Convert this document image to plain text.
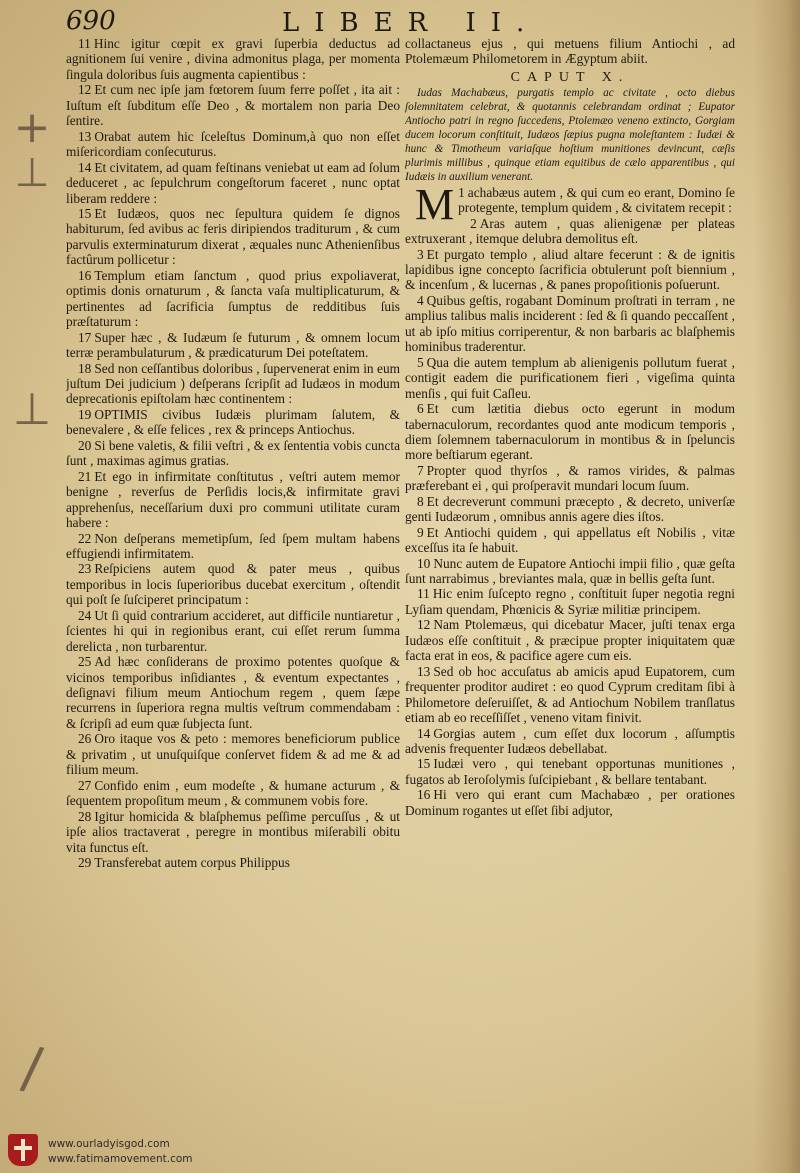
690	LIBER II.
+
⊥
⊥
/

11 Hinc igitur cœpit ex gravi ſuperbia deductus ad agnitionem ſui venire , divina admonitus plaga, per momenta ſingula doloribus ſuis augmenta capientibus :

12 Et cum nec ipſe jam fœtorem ſuum ferre poſſet , ita ait : Iuſtum eſt ſubditum eſſe Deo , & mortalem non paria Deo ſentire.

13 Orabat autem hic ſceleſtus Dominum,à quo non eſſet miſericordiam conſecuturus.

14 Et civitatem, ad quam feſtinans veniebat ut eam ad ſolum deduceret , ac ſepulchrum congeſtorum faceret , nunc optat liberam reddere :

15 Et Iudæos, quos nec ſepultura quidem ſe dignos habiturum, ſed avibus ac feris diripiendos traditurum , & cum parvulis exterminaturum dixerat , æquales nunc Athenienſibus factûrum pollicetur :

16 Templum etiam ſanctum , quod prius expoliaverat, optimis donis ornaturum , & ſancta vaſa multiplicaturum, & pertinentes ad ſacrificia ſumptus de redditibus ſuis præſtaturum :

17 Super hæc , & Iudæum ſe futurum , & omnem locum terræ perambulaturum , & prædicaturum Dei poteſtatem.

18 Sed non ceſſantibus doloribus , ſupervenerat enim in eum juſtum Dei judicium ) deſperans ſcripſit ad Iudæos in modum deprecationis epiſtolam hæc continentem :

19 OPTIMIS civibus Iudæis plurimam ſalutem, & benevalere , & eſſe felices , rex & princeps Antiochus.

20 Si bene valetis, & filii veſtri , & ex ſententia vobis cuncta ſunt , maximas agimus gratias.

21 Et ego in infirmitate conſtitutus , veſtri autem memor benigne , reverſus de Perſidis locis,& infirmitate gravi apprehenſus, neceſſarium duxi pro communi utilitate curam habere :

22 Non deſperans memetipſum, ſed ſpem multam habens effugiendi infirmitatem.

23 Reſpiciens autem quod & pater meus , quibus temporibus in locis ſuperioribus ducebat exercitum , oſtendit qui poſt ſe ſuſciperet principatum :

24 Ut ſi quid contrarium accideret, aut difficile nuntiaretur , ſcientes hi qui in regionibus erant, cui eſſet rerum ſumma derelicta , non turbarentur.

25 Ad hæc conſiderans de proximo potentes quoſque & vicinos temporibus inſidiantes , & eventum expectantes , deſignavi filium meum Antiochum regem , quem ſæpe recurrens in ſuperiora regna multis veſtrum commendabam : & ſcripſi ad eum quæ ſubjecta ſunt.

26 Oro itaque vos & peto : memores beneficiorum publice & privatim , ut unuſquiſque conſervet fidem & ad me & ad filium meum.

27 Confido enim , eum modeſte , & humane acturum , & ſequentem propoſitum meum , & communem vobis fore.

28 Igitur homicida & blaſphemus peſſime percuſſus , & ut ipſe alios tractaverat , peregre in montibus miſerabili obitu vita functus eſt.

29 Transferebat autem corpus Philippus

collactaneus ejus , qui metuens filium Antiochi , ad Ptolemæum Philometorem in Ægyptum abiit.

CAPUT X.

Iudas Machabæus, purgatis templo ac civitate , octo diebus ſolemnitatem celebrat, & quotannis celebrandam ordinat ; Eupator Antiocho patri in regno ſuccedens, Ptolemæo veneno extincto, Gorgiam ducem locorum conſtituit, Iudæos ſæpius pugna moleſtantem : Iudæi & hunc & Timotheum variaſque hoſtium munitiones devincunt, cæſis plurimis millibus , quinque etiam equitibus de cælo apparentibus , qui Iudæis in auxilium venerant.

M 1 achabæus autem , & qui cum eo erant, Domino ſe protegente, templum quidem , & civitatem recepit :

2 Aras autem , quas alienigenæ per plateas extruxerant , itemque delubra demolitus eſt.

3 Et purgato templo , aliud altare fecerunt : & de ignitis lapidibus igne concepto ſacrificia obtulerunt poſt biennium , & incenſum , & lucernas , & panes propoſitionis poſuerunt.

4 Quibus geſtis, rogabant Dominum proſtrati in terram , ne amplius talibus malis inciderent : ſed & ſi quando peccaſſent , ut ab ipſo mitius corriperentur, & non barbaris ac blaſphemis hominibus traderentur.

5 Qua die autem templum ab alienigenis pollutum fuerat , contigit eadem die purificationem fieri , vigeſima quinta menſis , qui fuit Caſleu.

6 Et cum lætitia diebus octo egerunt in modum tabernaculorum, recordantes quod ante modicum temporis , diem ſolemnem tabernaculorum in montibus & in ſpeluncis more beſtiarum egerant.

7 Propter quod thyrſos , & ramos virides, & palmas præferebant ei , qui proſperavit mundari locum ſuum.

8 Et decreverunt communi præcepto , & decreto, univerſæ genti Iudæorum , omnibus annis agere dies iſtos.

9 Et Antiochi quidem , qui appellatus eſt Nobilis , vitæ exceſſus ita ſe habuit.

10 Nunc autem de Eupatore Antiochi impii filio , quæ geſta ſunt narrabimus , breviantes mala, quæ in bellis geſta ſunt.

11 Hic enim ſuſcepto regno , conſtituit ſuper negotia regni Lyſiam quendam, Phœnicis & Syriæ militiæ principem.

12 Nam Ptolemæus, qui dicebatur Macer, juſti tenax erga Iudæos eſſe conſtituit , & præcipue propter iniquitatem quæ facta erat in eos, & pacifice agere cum eis.

13 Sed ob hoc accuſatus ab amicis apud Eupatorem, cum frequenter proditor audiret : eo quod Cyprum creditam ſibi à Philometore deſeruiſſet, & ad Antiochum Nobilem tranſlatus etiam ab eo receſſiſſet , veneno vitam finivit.

14 Gorgias autem , cum eſſet dux locorum , aſſumptis advenis frequenter Iudæos debellabat.

15 Iudæi vero , qui tenebant opportunas munitiones , fugatos ab Ieroſolymis ſuſcipiebant , & bellare tentabant.

16 Hi vero qui erant cum Machabæo , per orationes Dominum rogantes ut eſſet ſibi adjutor,

www.ourladyisgod.com
www.fatimamovement.com
